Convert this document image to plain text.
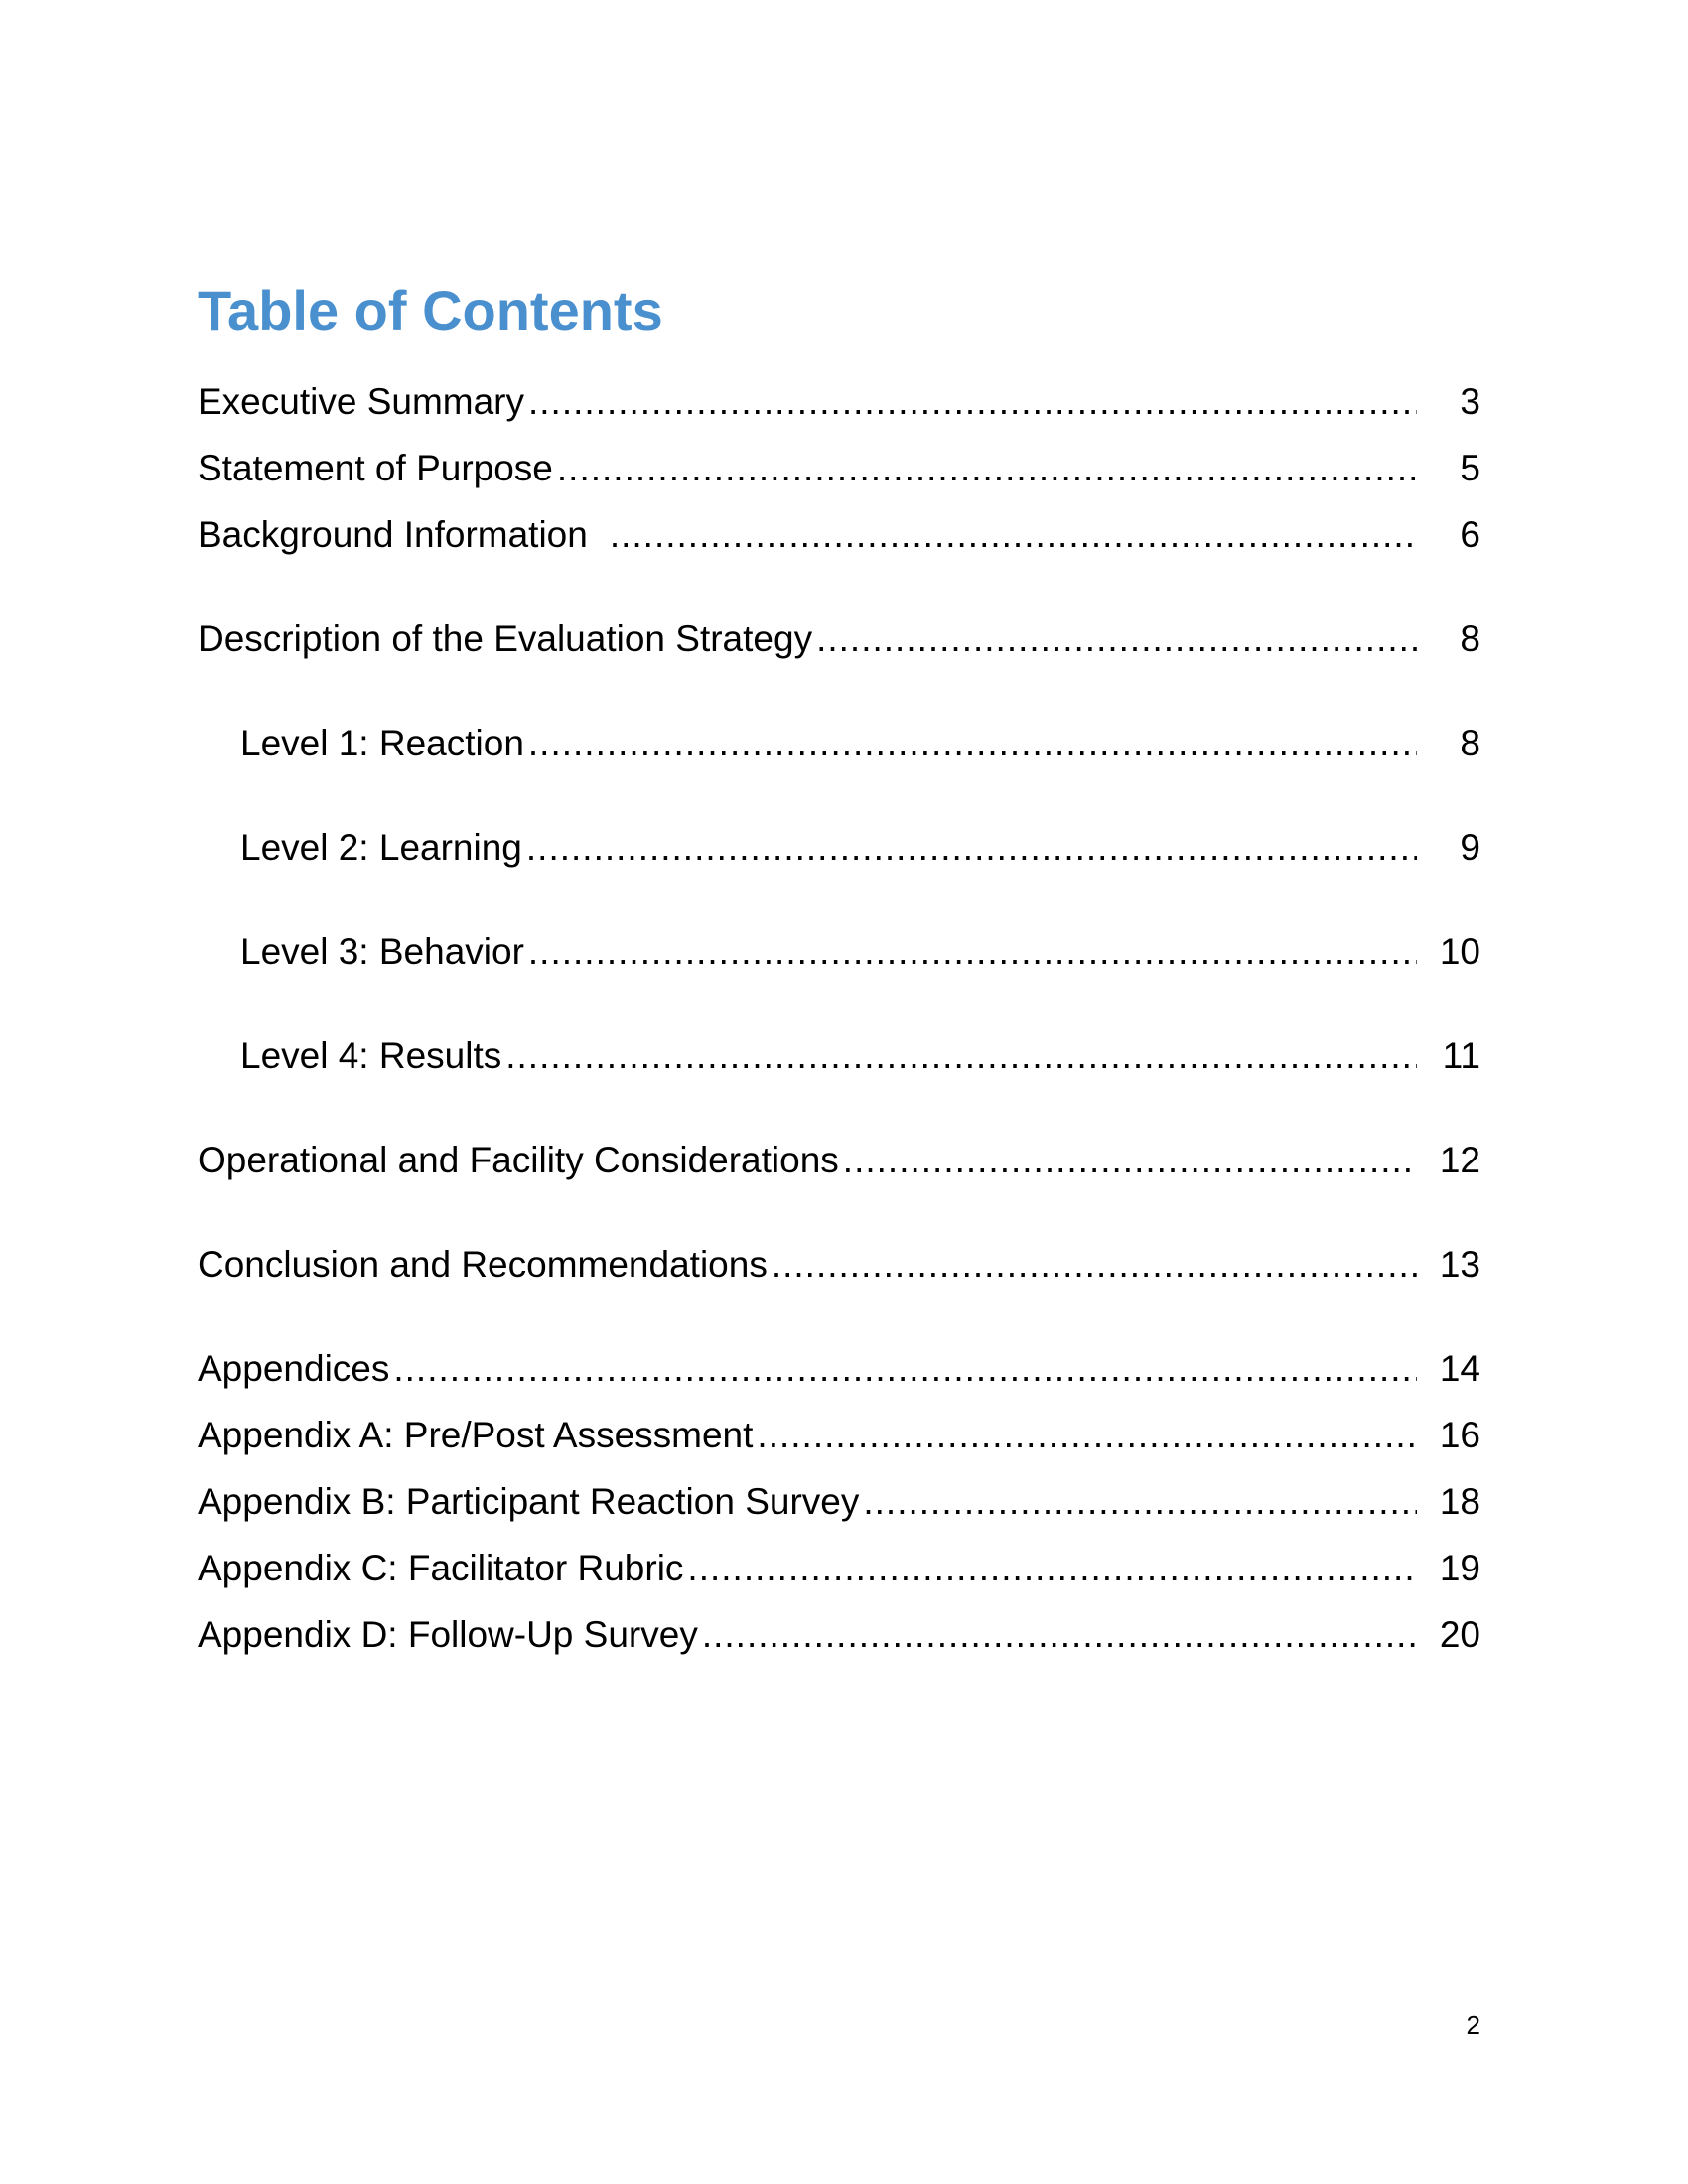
Table of Contents
Executive Summary .....	3
Statement of Purpose .....	5
Background Information .....	6
Description of the Evaluation Strategy .....	8
Level 1: Reaction .....	8
Level 2: Learning .....	9
Level 3: Behavior .....	10
Level 4: Results .....	11
Operational and Facility Considerations .....	12
Conclusion and Recommendations .....	13
Appendices .....	14
Appendix A: Pre/Post Assessment .....	16
Appendix B: Participant Reaction Survey .....	18
Appendix C: Facilitator Rubric .....	19
Appendix D: Follow-Up Survey .....	20
2
